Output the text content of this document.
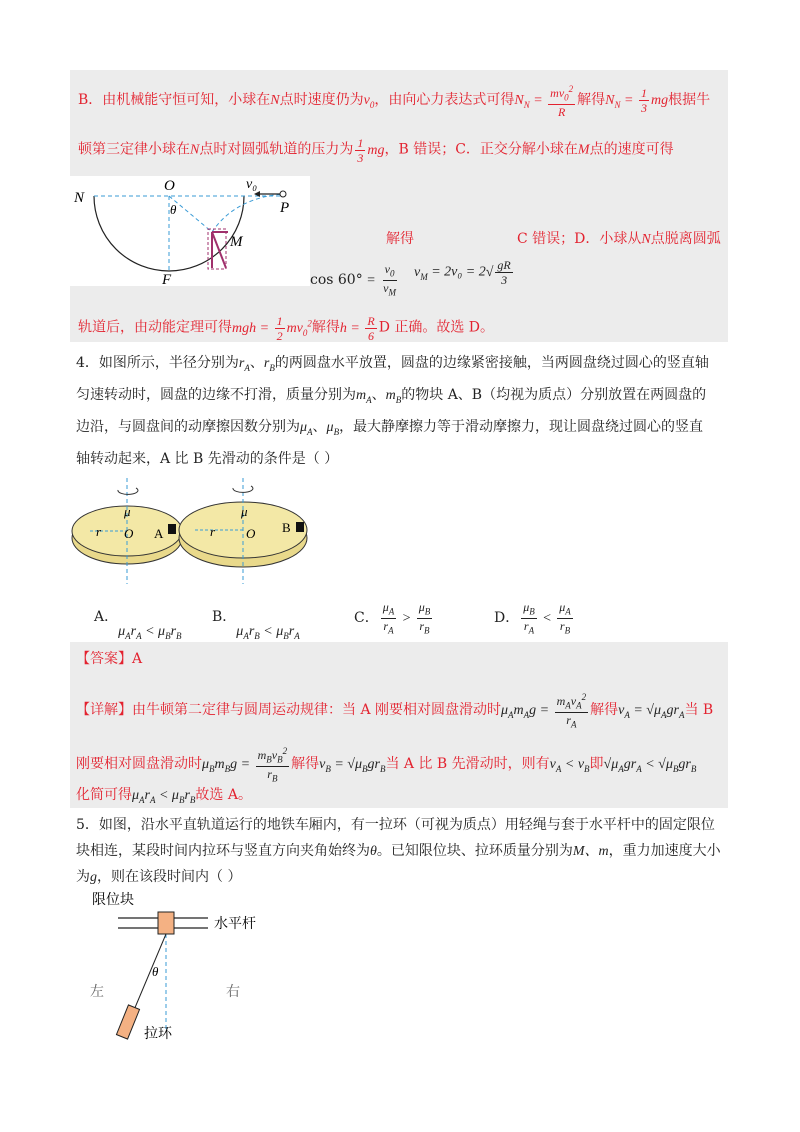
B．由机械能守恒可知，小球在N点时速度仍为$v_0$，由向心力表达式可得$N_N = \frac{mv_0^2}{R}$ 解得$N_N = \frac{1}{3}$ mg根据牛
顿第三定律小球在N点时对圆弧轨道的压力为 $\frac{1}{3}$ mg，B 错误；C．正交分解小球在M点的速度可得
N
O
θ
v₀
P
M
F
解得	C 错误；D．小球从N点脱离圆弧
$\cos 60^\circ = \frac{v_0}{v_M} v_M = 2v_0 = 2√ \frac{gR}{3}$
轨道后，由动能定理可得mgh = $\frac{1}{2} mv_0^2$解得$h = \frac{R}{6}$ D 正确。故选 D。
4．如图所示，半径分别为$r_A$、$r_B$的两圆盘水平放置，圆盘的边缘紧密接触，当两圆盘绕过圆心的竖直轴
匀速转动时，圆盘的边缘不打滑，质量分别为$m_A$、$m_B$的物块 A、B（均视为质点）分别放置在两圆盘的
边沿，与圆盘间的动摩擦因数分别为$\mu_A$、$\mu_B$，最大静摩擦力等于滑动摩擦力，现让圆盘绕过圆心的竖直
轴转动起来，A 比 B 先滑动的条件是（ ）
r
μ
O A	r
μ
O B
A．$\mu_Ar_A < \mu_Br_B$
B．$\mu_Ar_B < \mu_Br_A$
C． $\frac{\mu_A}{r_A} > \frac{\mu_B}{r_B}$	D． $\frac{\mu_B}{r_A} < \frac{\mu_A}{r_B}$
【答案】A
【详解】由牛顿第二定律与圆周运动规律：当 A 刚要相对圆盘滑动时$\mu_Am_Ag = \frac{m_Av_A^2}{r_A}$ 解得$v_A = √\mu_Agr_A$当 B
刚要相对圆盘滑动时$\mu_Bm_Bg = \frac{m_Bv_B^2}{r_B}$ 解得$v_B = √\mu_Bgr_B$当 A 比 B 先滑动时，则有$v_A < v_B$即$√\mu_Agr_A < √\mu_Bgr_B$
化简可得$\mu_Ar_A < \mu_Br_B$故选 A。
5．如图，沿水平直轨道运行的地铁车厢内，有一拉环（可视为质点）用轻绳与套于水平杆中的固定限位
块相连，某段时间内拉环与竖直方向夹角始终为θ。已知限位块、拉环质量分别为M、m，重力加速度大小
为g，则在该段时间内（ ）
限位块
水平杆
θ
左	右
拉环
